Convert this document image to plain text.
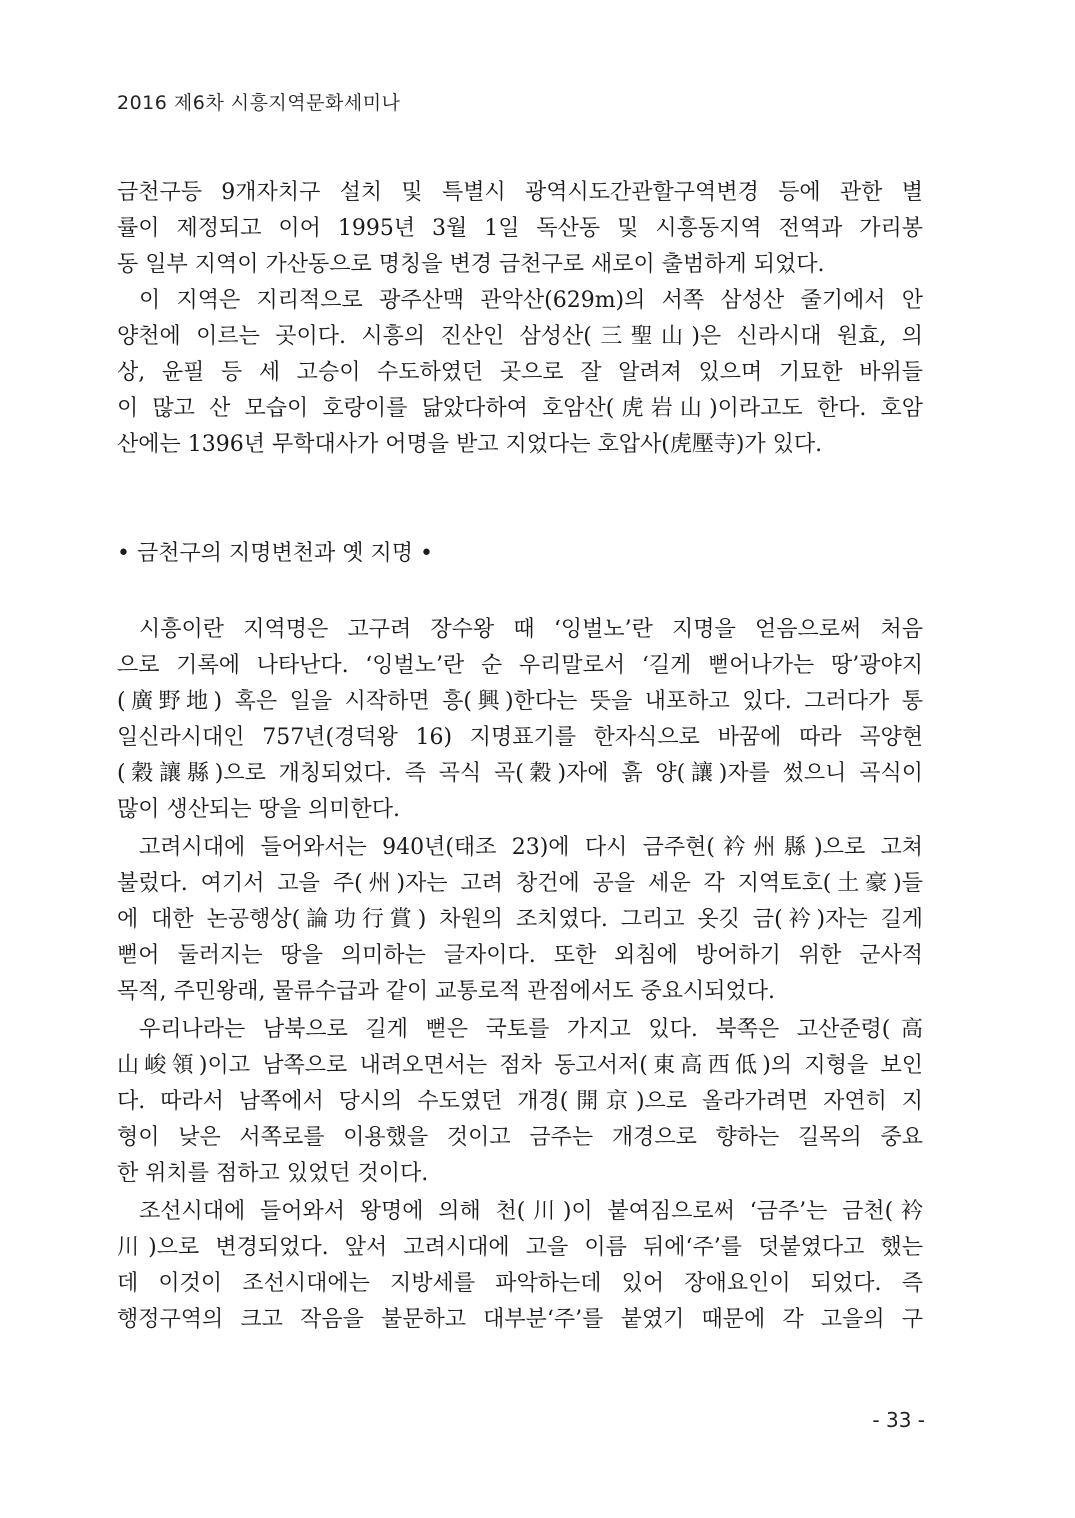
2016 제6차 시흥지역문화세미나
금천구등 9개자치구 설치 및 특별시 광역시도간관할구역변경 등에 관한 별
률이 제정되고 이어 1995년 3월 1일 독산동 및 시흥동지역 전역과 가리봉
동 일부 지역이 가산동으로 명칭을 변경 금천구로 새로이 출범하게 되었다.
이 지역은 지리적으로 광주산맥 관악산(629m)의 서쪽 삼성산 줄기에서 안
양천에 이르는 곳이다. 시흥의 진산인 삼성산(三聖山)은 신라시대 원효, 의
상, 윤필 등 세 고승이 수도하였던 곳으로 잘 알려져 있으며 기묘한 바위들
이 많고 산 모습이 호랑이를 닮았다하여 호암산(虎岩山)이라고도 한다. 호암
산에는 1396년 무학대사가 어명을 받고 지었다는 호압사(虎壓寺)가 있다.
• 금천구의 지명변천과 옛 지명 •
시흥이란 지역명은 고구려 장수왕 때 ‘잉벌노’란 지명을 얻음으로써 처음
으로 기록에 나타난다. ‘잉벌노’란 순 우리말로서 ‘길게 뻗어나가는 땅’광야지
(廣野地) 혹은 일을 시작하면 흥(興)한다는 뜻을 내포하고 있다. 그러다가 통
일신라시대인 757년(경덕왕 16) 지명표기를 한자식으로 바꿈에 따라 곡양현
(穀讓縣)으로 개칭되었다. 즉 곡식 곡(穀)자에 흙 양(讓)자를 썼으니 곡식이
많이 생산되는 땅을 의미한다.
고려시대에 들어와서는 940년(태조 23)에 다시 금주현(衿州縣)으로 고쳐
불렀다. 여기서 고을 주(州)자는 고려 창건에 공을 세운 각 지역토호(土豪)들
에 대한 논공행상(論功行賞) 차원의 조치였다. 그리고 옷깃 금(衿)자는 길게
뻗어 둘러지는 땅을 의미하는 글자이다. 또한 외침에 방어하기 위한 군사적
목적, 주민왕래, 물류수급과 같이 교통로적 관점에서도 중요시되었다.
우리나라는 남북으로 길게 뻗은 국토를 가지고 있다. 북쪽은 고산준령(高
山峻領)이고 남쪽으로 내려오면서는 점차 동고서저(東高西低)의 지형을 보인
다. 따라서 남쪽에서 당시의 수도였던 개경(開京)으로 올라가려면 자연히 지
형이 낮은 서쪽로를 이용했을 것이고 금주는 개경으로 향하는 길목의 중요
한 위치를 점하고 있었던 것이다.
조선시대에 들어와서 왕명에 의해 천(川)이 붙여짐으로써 ‘금주’는 금천(衿
川)으로 변경되었다. 앞서 고려시대에 고을 이름 뒤에‘주’를 덧붙였다고 했는
데 이것이 조선시대에는 지방세를 파악하는데 있어 장애요인이 되었다. 즉
행정구역의 크고 작음을 불문하고 대부분‘주’를 붙였기 때문에 각 고을의 구
- 33 -
